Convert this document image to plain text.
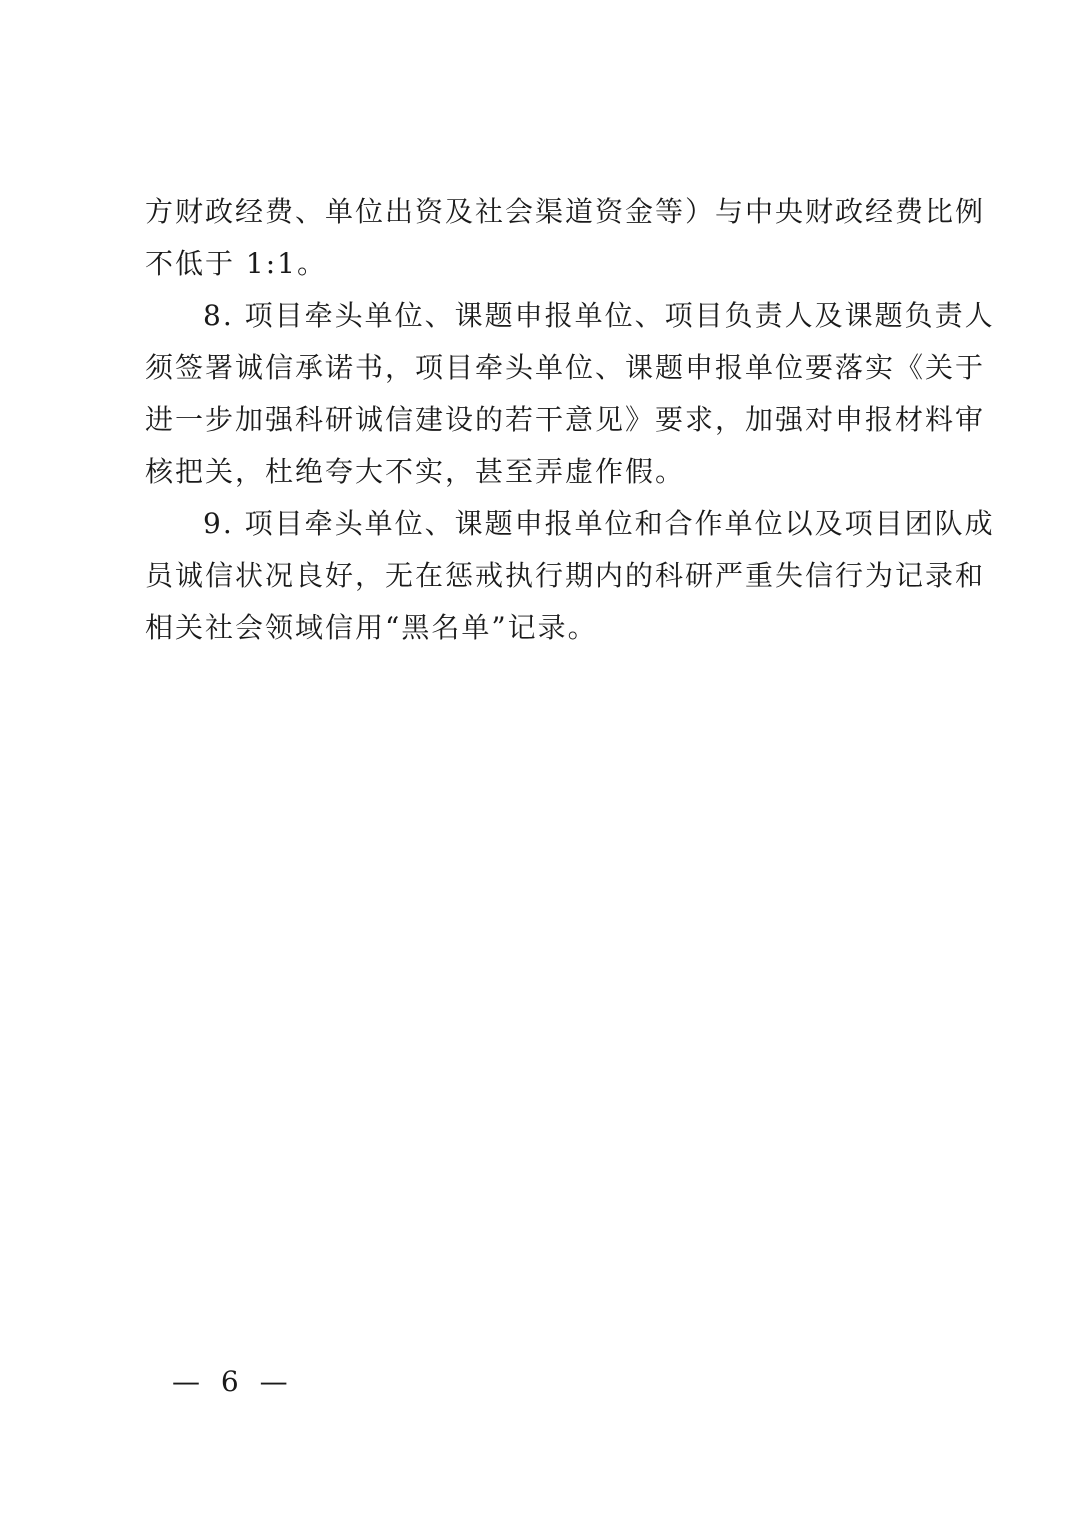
方财政经费、单位出资及社会渠道资金等）与中央财政经费比例
不低于 1:1。
8. 项目牵头单位、课题申报单位、项目负责人及课题负责人
须签署诚信承诺书，项目牵头单位、课题申报单位要落实《关于
进一步加强科研诚信建设的若干意见》要求，加强对申报材料审
核把关，杜绝夸大不实，甚至弄虚作假。
9. 项目牵头单位、课题申报单位和合作单位以及项目团队成
员诚信状况良好，无在惩戒执行期内的科研严重失信行为记录和
相关社会领域信用“黑名单”记录。
— 6 —
